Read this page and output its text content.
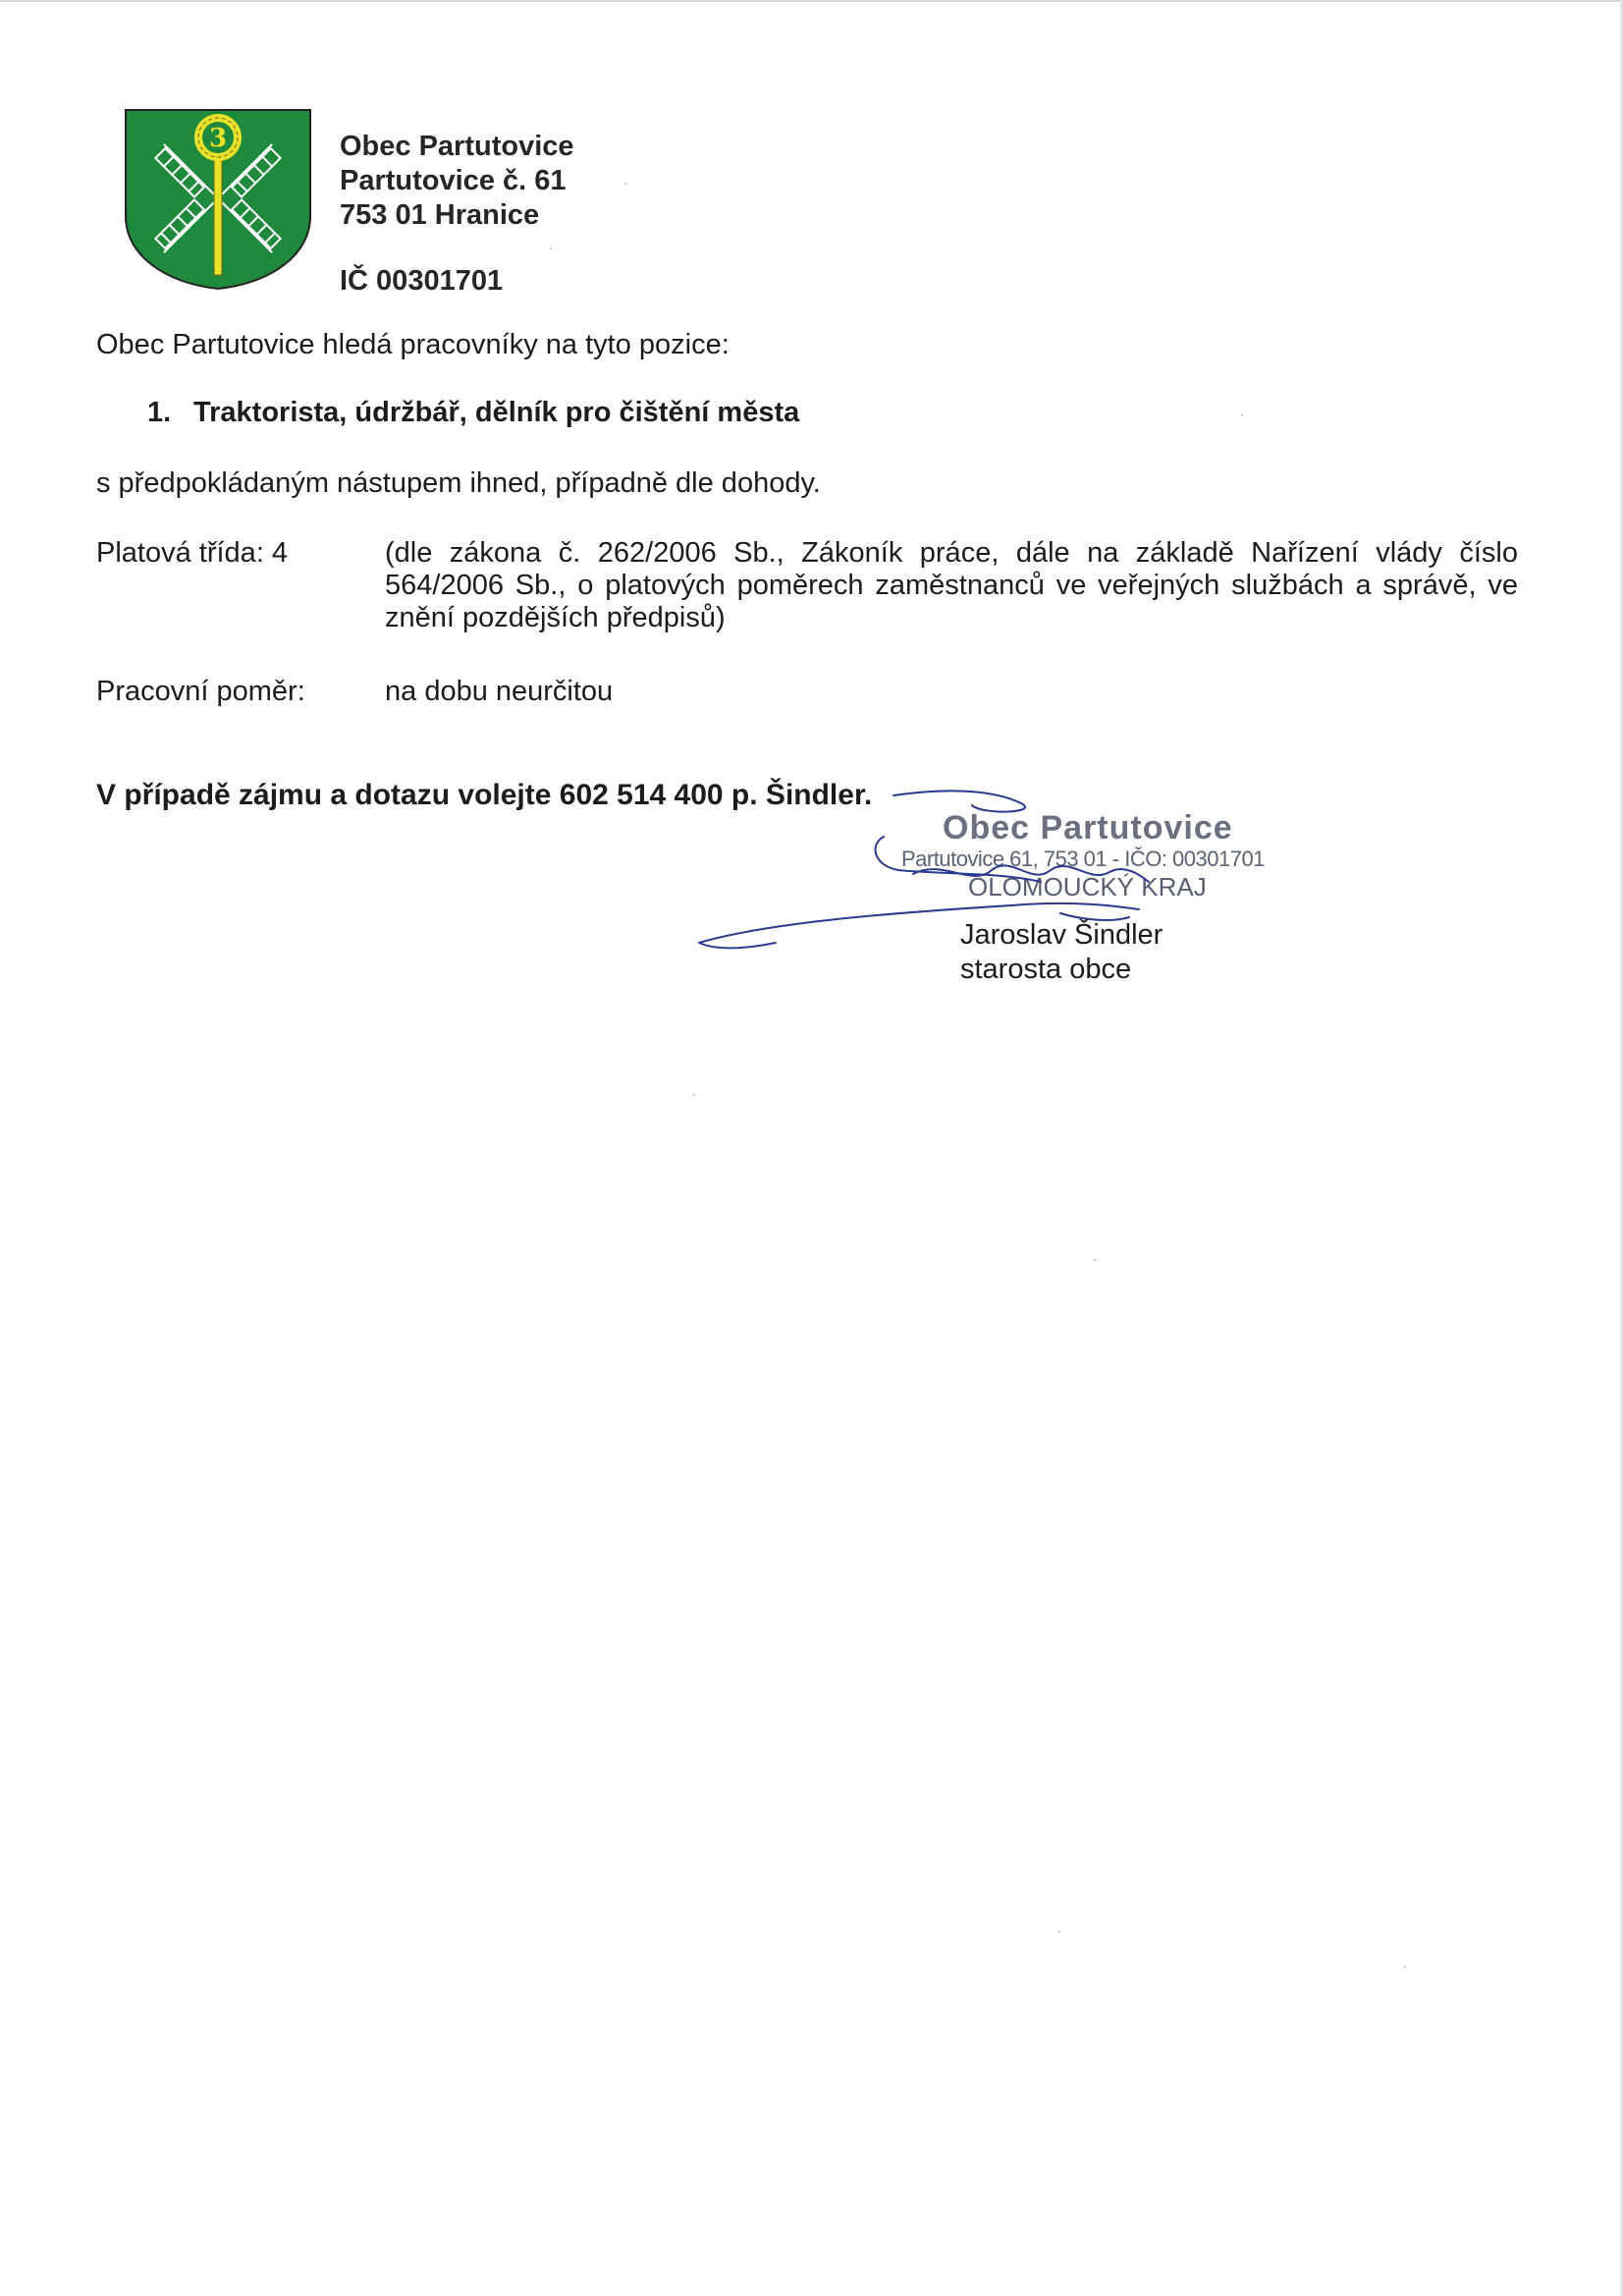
3	Obec Partutovice
Partutovice č. 61
753 01 Hranice
IČ 00301701
Obec Partutovice hledá pracovníky na tyto pozice:
1. Traktorista, údržbář, dělník pro čištění města
s předpokládaným nástupem ihned, případně dle dohody.
Platová třída: 4	(dle zákona č. 262/2006 Sb., Zákoník práce, dále na základě Nařízení vlády číslo 564/2006 Sb., o platových poměrech zaměstnanců ve veřejných službách a správě, ve znění pozdějších předpisů)
Pracovní poměr:	na dobu neurčitou
V případě zájmu a dotazu volejte 602 514 400 p. Šindler.
Obec Partutovice
Partutovice 61, 753 01 - IČO: 00301701
OLOMOUCKÝ KRAJ
Jaroslav Šindler
starosta obce
